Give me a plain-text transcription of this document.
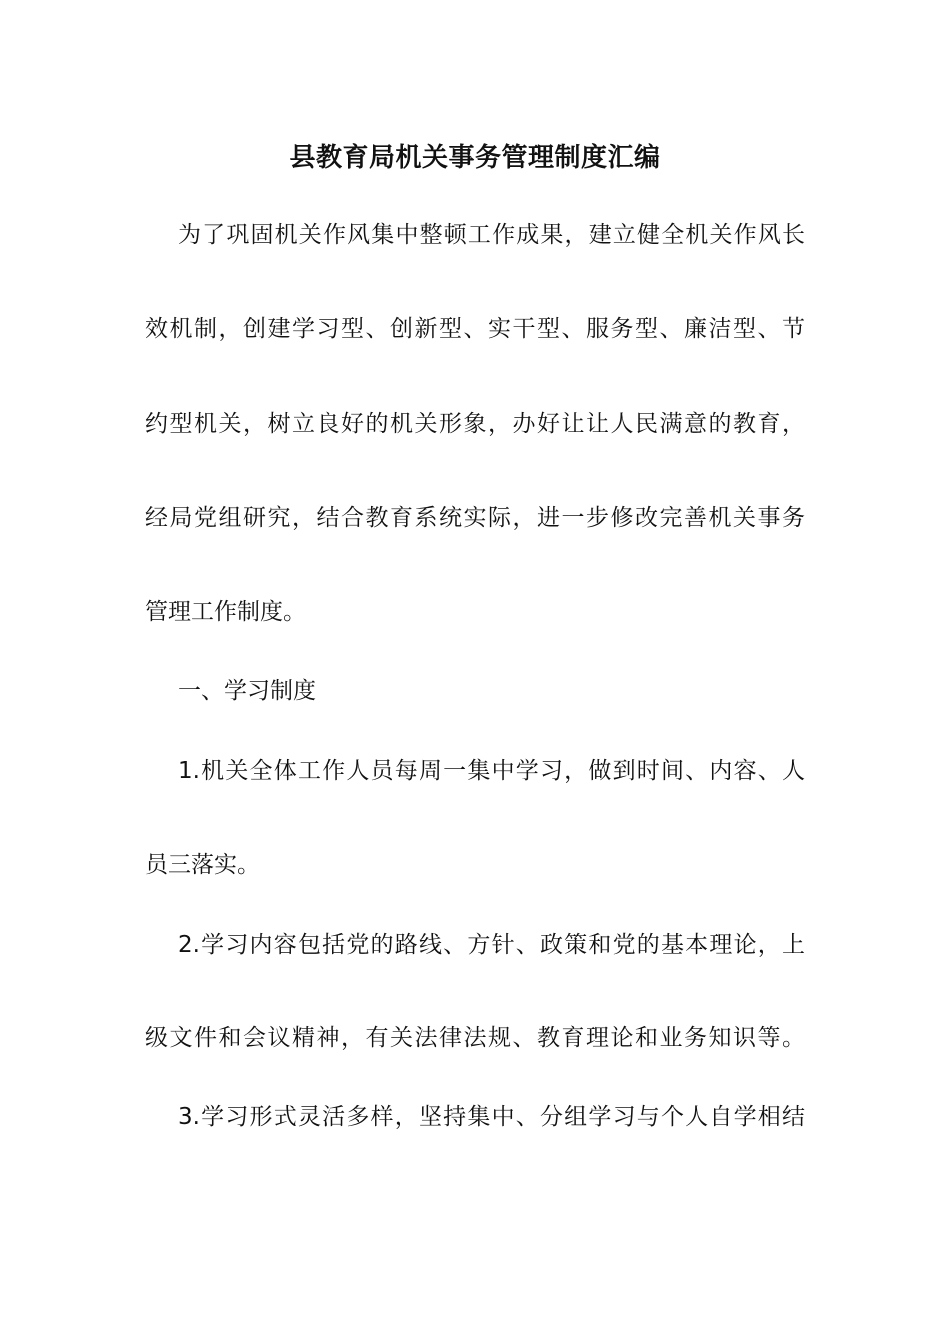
县教育局机关事务管理制度汇编
为了巩固机关作风集中整顿工作成果，建立健全机关作风长
效机制，创建学习型、创新型、实干型、服务型、廉洁型、节
约型机关，树立良好的机关形象，办好让让人民满意的教育，
经局党组研究，结合教育系统实际，进一步修改完善机关事务
管理工作制度。
一、学习制度
1.机关全体工作人员每周一集中学习，做到时间、内容、人
员三落实。
2.学习内容包括党的路线、方针、政策和党的基本理论，上
级文件和会议精神，有关法律法规、教育理论和业务知识等。
3.学习形式灵活多样，坚持集中、分组学习与个人自学相结
